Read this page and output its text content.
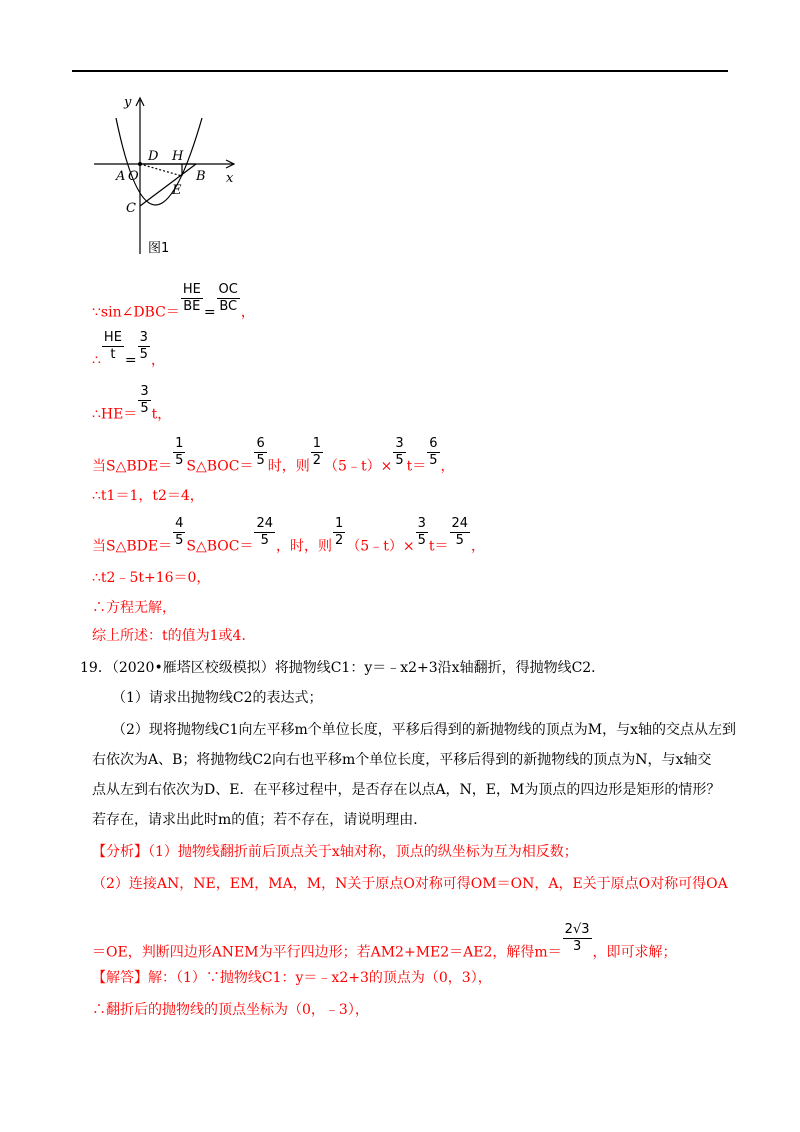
y
x
A O
D H
B
E
C
图1
∵sin∠DBC＝ $\frac{HE}{BE} = \frac{OC}{BC}$ ，
∴ $\frac{HE}{t} = \frac{3}{5}$ ，
∴HE＝ $\frac{3}{5}$ t，
当S△BDE＝ $\frac{1}{5}$ S△BOC＝ $\frac{6}{5}$ 时，则 $\frac{1}{2}$ （5﹣t）× $\frac{3}{5} t= \frac{6}{5}$ ，
∴t1＝1，t2＝4，
当S△BDE＝ $\frac{4}{5}$ S△BOC＝ $\frac{24}{5}$ ，时，则 $\frac{1}{2}$ （5﹣t）× $\frac{3}{5} t= \frac{24}{5}$ ，
∴t2﹣5t+16＝0，
∴方程无解，
综上所述：t的值为1或4．
19．（2020•雁塔区校级模拟）将抛物线C1：y＝﹣x2+3沿x轴翻折，得抛物线C2．
（1）请求出抛物线C2的表达式；
（2）现将抛物线C1向左平移m个单位长度，平移后得到的新抛物线的顶点为M，与x轴的交点从左到
右依次为A、B；将抛物线C2向右也平移m个单位长度，平移后得到的新抛物线的顶点为N，与x轴交
点从左到右依次为D、E．在平移过程中，是否存在以点A，N，E，M为顶点的四边形是矩形的情形？
若存在，请求出此时m的值；若不存在，请说明理由．
【分析】（1）抛物线翻折前后顶点关于x轴对称，顶点的纵坐标为互为相反数；
（2）连接AN，NE，EM，MA，M，N关于原点O对称可得OM＝ON，A，E关于原点O对称可得OA
＝OE，判断四边形ANEM为平行四边形；若AM2+ME2＝AE2，解得$m= \frac{2√3}{3}$ ，即可求解；
【解答】解：（1）∵抛物线C1：y＝﹣x2+3的顶点为（0，3），
∴翻折后的抛物线的顶点坐标为（0，﹣3），
